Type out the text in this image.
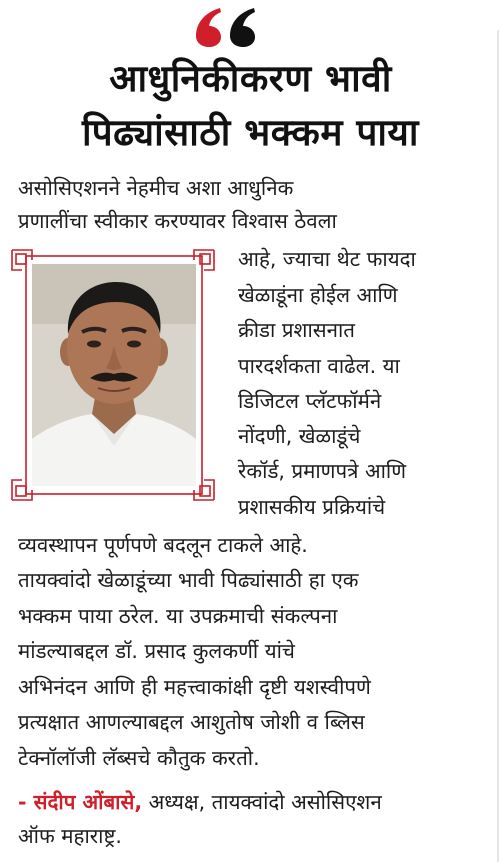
आधुनिकीकरण भावी
पिढ्यांसाठी भक्कम पाया
असोसिएशनने नेहमीच अशा आधुनिक
प्रणालींचा स्वीकार करण्यावर विश्वास ठेवला
आहे, ज्याचा थेट फायदा
खेळाडूंना होईल आणि
क्रीडा प्रशासनात
पारदर्शकता वाढेल. या
डिजिटल प्लॅटफॉर्मने
नोंदणी, खेळाडूंचे
रेकॉर्ड, प्रमाणपत्रे आणि
प्रशासकीय प्रक्रियांचे
व्यवस्थापन पूर्णपणे बदलून टाकले आहे.
तायक्वांदो खेळाडूंच्या भावी पिढ्यांसाठी हा एक
भक्कम पाया ठरेल. या उपक्रमाची संकल्पना
मांडल्याबद्दल डॉ. प्रसाद कुलकर्णी यांचे
अभिनंदन आणि ही महत्त्वाकांक्षी दृष्टी यशस्वीपणे
प्रत्यक्षात आणल्याबद्दल आशुतोष जोशी व ब्लिस
टेक्नॉलॉजी लॅब्सचे कौतुक करतो.
- संदीप ओंबासे, अध्यक्ष, तायक्वांदो असोसिएशन
ऑफ महाराष्ट्र.
